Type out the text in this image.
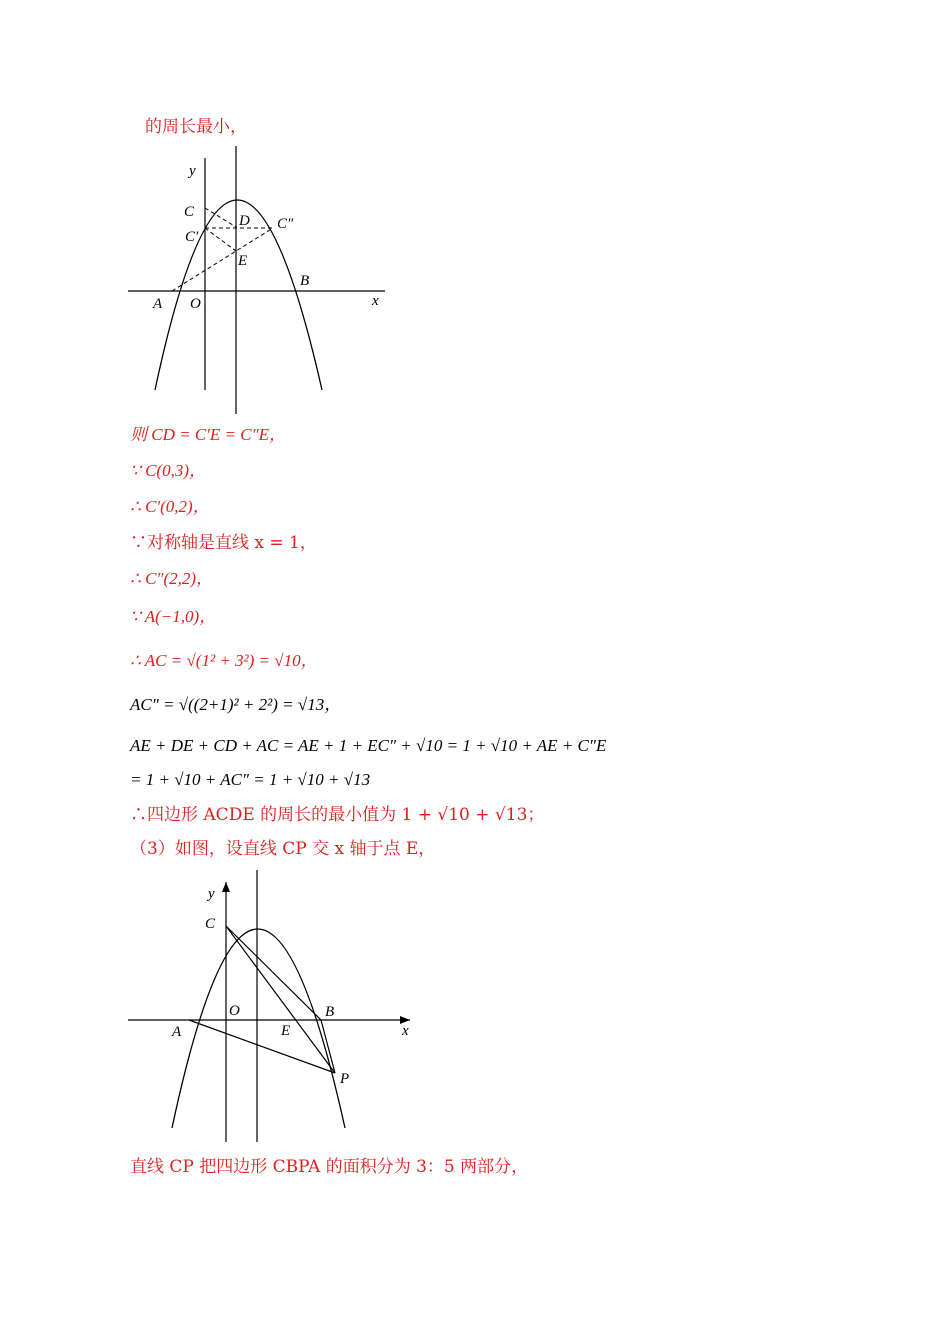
的周长最小，
y
C
D C″
C′
E
B
A O	x
则 CD = C′E = C″E，
∵ C(0,3)，
∴ C′(0,2)，
∵对称轴是直线 x = 1，
∴ C″(2,2)，
∵ A(−1,0)，
∴ AC = √(1² + 3²) = √10，
AC″ = √((2+1)² + 2²) = √13，
AE + DE + CD + AC = AE + 1 + EC″ + √10 = 1 + √10 + AE + C″E
= 1 + √10 + AC″ = 1 + √10 + √13
∴四边形 ACDE 的周长的最小值为 1 + √10 + √13；
（3）如图，设直线 CP 交 x 轴于点 E，
y
C
O	B
A	E	x
P
直线 CP 把四边形 CBPA 的面积分为 3：5 两部分，
